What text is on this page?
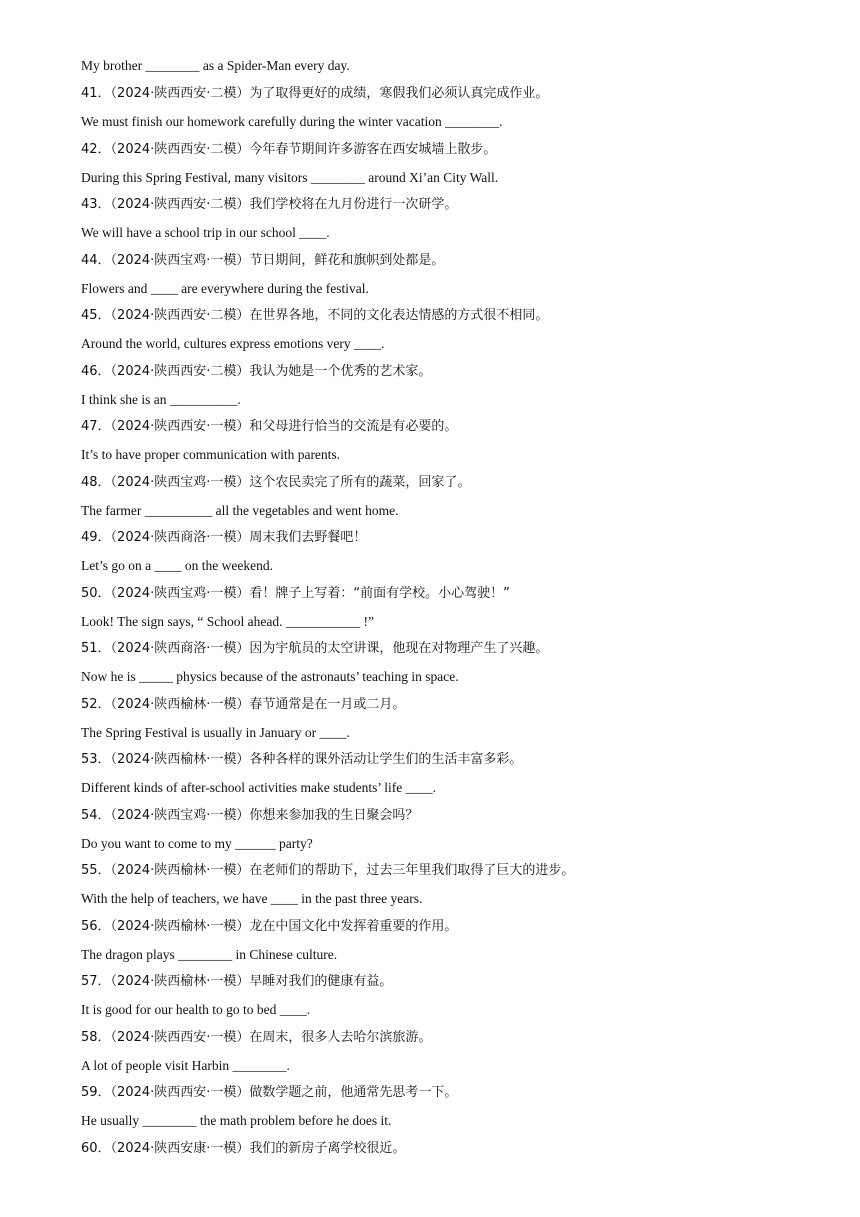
My brother ________ as a Spider-Man every day.
41．（2024·陕西西安·二模）为了取得更好的成绩，寒假我们必须认真完成作业。
We must finish our homework carefully during the winter vacation ________.
42．（2024·陕西西安·二模）今年春节期间许多游客在西安城墙上散步。
During this Spring Festival, many visitors ________ around Xi’an City Wall.
43．（2024·陕西西安·二模）我们学校将在九月份进行一次研学。
We will have a school trip in our school ____.
44．（2024·陕西宝鸡·一模）节日期间，鲜花和旗帜到处都是。
Flowers and ____ are everywhere during the festival.
45．（2024·陕西西安·二模）在世界各地，不同的文化表达情感的方式很不相同。
Around the world, cultures express emotions very ____.
46．（2024·陕西西安·二模）我认为她是一个优秀的艺术家。
I think she is an __________.
47．（2024·陕西西安·一模）和父母进行恰当的交流是有必要的。
It’s to have proper communication with parents.
48．（2024·陕西宝鸡·一模）这个农民卖完了所有的蔬菜，回家了。
The farmer __________ all the vegetables and went home.
49．（2024·陕西商洛·一模）周末我们去野餐吧！
Let’s go on a ____ on the weekend.
50．（2024·陕西宝鸡·一模）看！牌子上写着：“前面有学校。小心驾驶！”
Look! The sign says, “ School ahead. ___________ !”
51．（2024·陕西商洛·一模）因为宇航员的太空讲课，他现在对物理产生了兴趣。
Now he is _____ physics because of the astronauts’ teaching in space.
52．（2024·陕西榆林·一模）春节通常是在一月或二月。
The Spring Festival is usually in January or ____.
53．（2024·陕西榆林·一模）各种各样的课外活动让学生们的生活丰富多彩。
Different kinds of after-school activities make students’ life ____.
54．（2024·陕西宝鸡·一模）你想来参加我的生日聚会吗？
Do you want to come to my ______ party?
55．（2024·陕西榆林·一模）在老师们的帮助下，过去三年里我们取得了巨大的进步。
With the help of teachers, we have ____ in the past three years.
56．（2024·陕西榆林·一模）龙在中国文化中发挥着重要的作用。
The dragon plays ________ in Chinese culture.
57．（2024·陕西榆林·一模）早睡对我们的健康有益。
It is good for our health to go to bed ____.
58．（2024·陕西西安·一模）在周末，很多人去哈尔滨旅游。
A lot of people visit Harbin ________.
59．（2024·陕西西安·一模）做数学题之前，他通常先思考一下。
He usually ________ the math problem before he does it.
60．（2024·陕西安康·一模）我们的新房子离学校很近。
